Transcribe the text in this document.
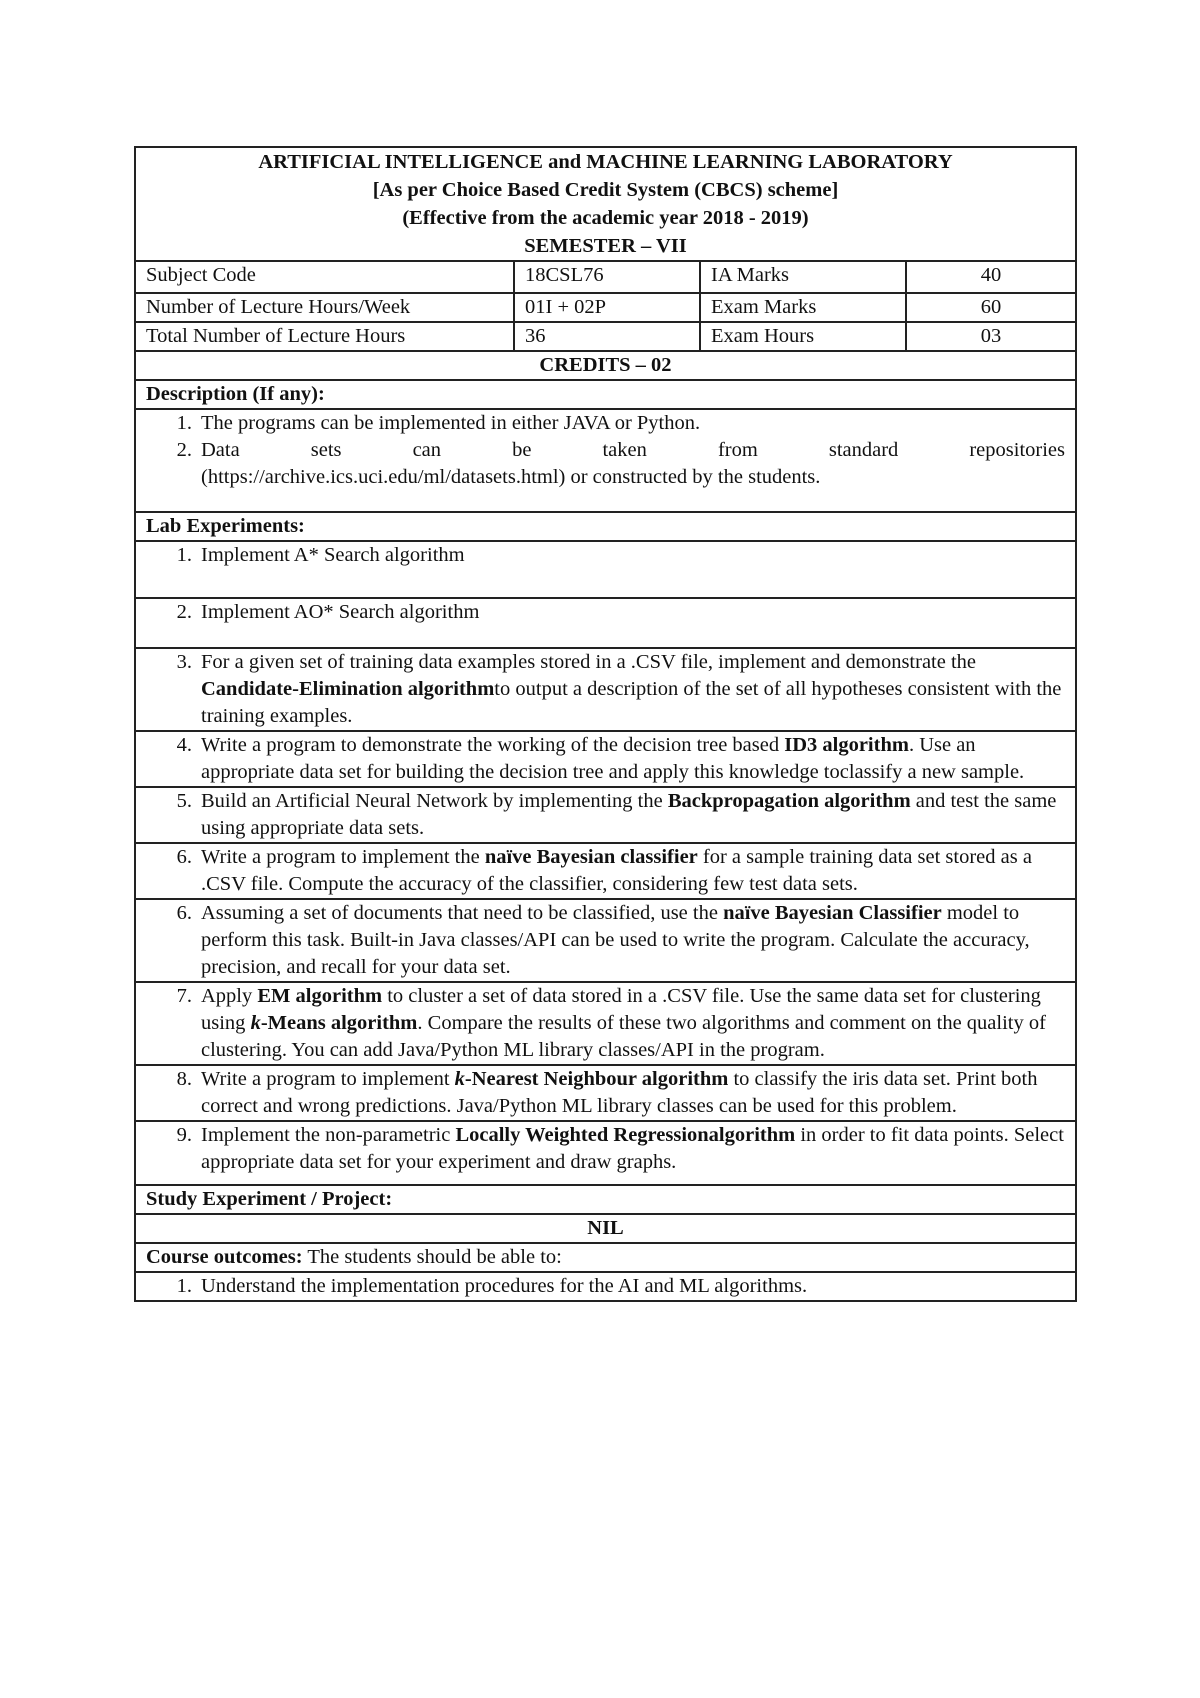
ARTIFICIAL INTELLIGENCE and MACHINE LEARNING LABORATORY
[As per Choice Based Credit System (CBCS) scheme]
(Effective from the academic year 2018 - 2019)
SEMESTER – VII			

Subject Code	18CSL76	IA Marks	40
Number of Lecture Hours/Week	01I + 02P	Exam Marks	60
Total Number of Lecture Hours	36	Exam Hours	03
CREDITS – 02			
Description (If any):			

1. The programs can be implemented in either JAVA or Python.
2. Data sets can be taken from standard repositories
(https://archive.ics.uci.edu/ml/datasets.html) or constructed by the students.			

Lab Experiments:			

1. Implement A* Search algorithm			

2. Implement AO* Search algorithm			

3. For a given set of training data examples stored in a .CSV file, implement and demonstrate the Candidate-Elimination algorithmto output a description of the set of all hypotheses consistent with the training examples.			

4. Write a program to demonstrate the working of the decision tree based ID3 algorithm. Use an appropriate data set for building the decision tree and apply this knowledge toclassify a new sample.			

5. Build an Artificial Neural Network by implementing the Backpropagation algorithm and test the same using appropriate data sets.			

6. Write a program to implement the naïve Bayesian classifier for a sample training data set stored as a .CSV file. Compute the accuracy of the classifier, considering few test data sets.			

6. Assuming a set of documents that need to be classified, use the naïve Bayesian Classifier model to perform this task. Built-in Java classes/API can be used to write the program. Calculate the accuracy, precision, and recall for your data set.			

7. Apply EM algorithm to cluster a set of data stored in a .CSV file. Use the same data set for clustering using k-Means algorithm. Compare the results of these two algorithms and comment on the quality of clustering. You can add Java/Python ML library classes/API in the program.			

8. Write a program to implement k-Nearest Neighbour algorithm to classify the iris data set. Print both correct and wrong predictions. Java/Python ML library classes can be used for this problem.			

9. Implement the non-parametric Locally Weighted Regressionalgorithm in order to fit data points. Select appropriate data set for your experiment and draw graphs.			

Study Experiment / Project:			
NIL			
Course outcomes: The students should be able to:			

1. Understand the implementation procedures for the AI and ML algorithms.			
